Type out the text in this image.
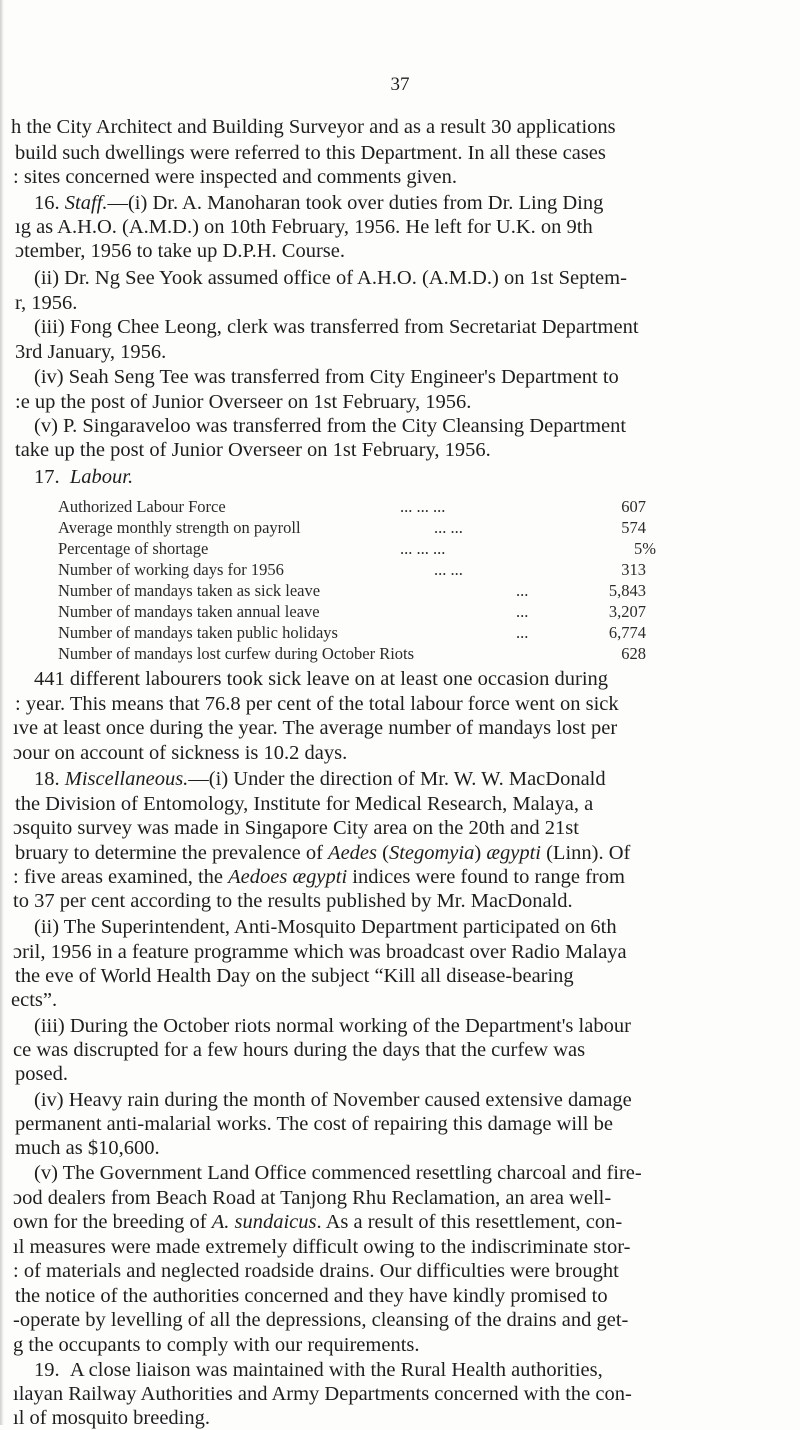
37
h the City Architect and Building Surveyor and as a result 30 applications
build such dwellings were referred to this Department. In all these cases
: sites concerned were inspected and comments given.
16. Staff.—(i) Dr. A. Manoharan took over duties from Dr. Ling Ding
ıg as A.H.O. (A.M.D.) on 10th February, 1956. He left for U.K. on 9th
ɔtember, 1956 to take up D.P.H. Course.
(ii) Dr. Ng See Yook assumed office of A.H.O. (A.M.D.) on 1st Septem-
r, 1956.
(iii) Fong Chee Leong, clerk was transferred from Secretariat Department
3rd January, 1956.
(iv) Seah Seng Tee was transferred from City Engineer's Department to
:e up the post of Junior Overseer on 1st February, 1956.
(v) P. Singaraveloo was transferred from the City Cleansing Department
take up the post of Junior Overseer on 1st February, 1956.
17. Labour.
Authorized Labour Force	... ... ...	607
Average monthly strength on payroll	... ...	574
Percentage of shortage	... ... ...	5%
Number of working days for 1956	... ...	313
Number of mandays taken as sick leave	...	5,843
Number of mandays taken annual leave	...	3,207
Number of mandays taken public holidays	...	6,774
Number of mandays lost curfew during October Riots	628
441 different labourers took sick leave on at least one occasion during
: year. This means that 76.8 per cent of the total labour force went on sick
ıve at least once during the year. The average number of mandays lost per
ɔour on account of sickness is 10.2 days.
18. Miscellaneous.—(i) Under the direction of Mr. W. W. MacDonald
the Division of Entomology, Institute for Medical Research, Malaya, a
ɔsquito survey was made in Singapore City area on the 20th and 21st
bruary to determine the prevalence of Aedes (Stegomyia) ægypti (Linn). Of
: five areas examined, the Aedoes ægypti indices were found to range from
to 37 per cent according to the results published by Mr. MacDonald.
(ii) The Superintendent, Anti-Mosquito Department participated on 6th
ɔril, 1956 in a feature programme which was broadcast over Radio Malaya
the eve of World Health Day on the subject “Kill all disease-bearing
ects”.
(iii) During the October riots normal working of the Department's labour
ce was discrupted for a few hours during the days that the curfew was
posed.
(iv) Heavy rain during the month of November caused extensive damage
permanent anti-malarial works. The cost of repairing this damage will be
much as $10,600.
(v) The Government Land Office commenced resettling charcoal and fire-
ɔod dealers from Beach Road at Tanjong Rhu Reclamation, an area well-
own for the breeding of A. sundaicus. As a result of this resettlement, con-
ıl measures were made extremely difficult owing to the indiscriminate stor-
: of materials and neglected roadside drains. Our difficulties were brought
the notice of the authorities concerned and they have kindly promised to
-operate by levelling of all the depressions, cleansing of the drains and get-
g the occupants to comply with our requirements.
19. A close liaison was maintained with the Rural Health authorities,
ılayan Railway Authorities and Army Departments concerned with the con-
ıl of mosquito breeding.
